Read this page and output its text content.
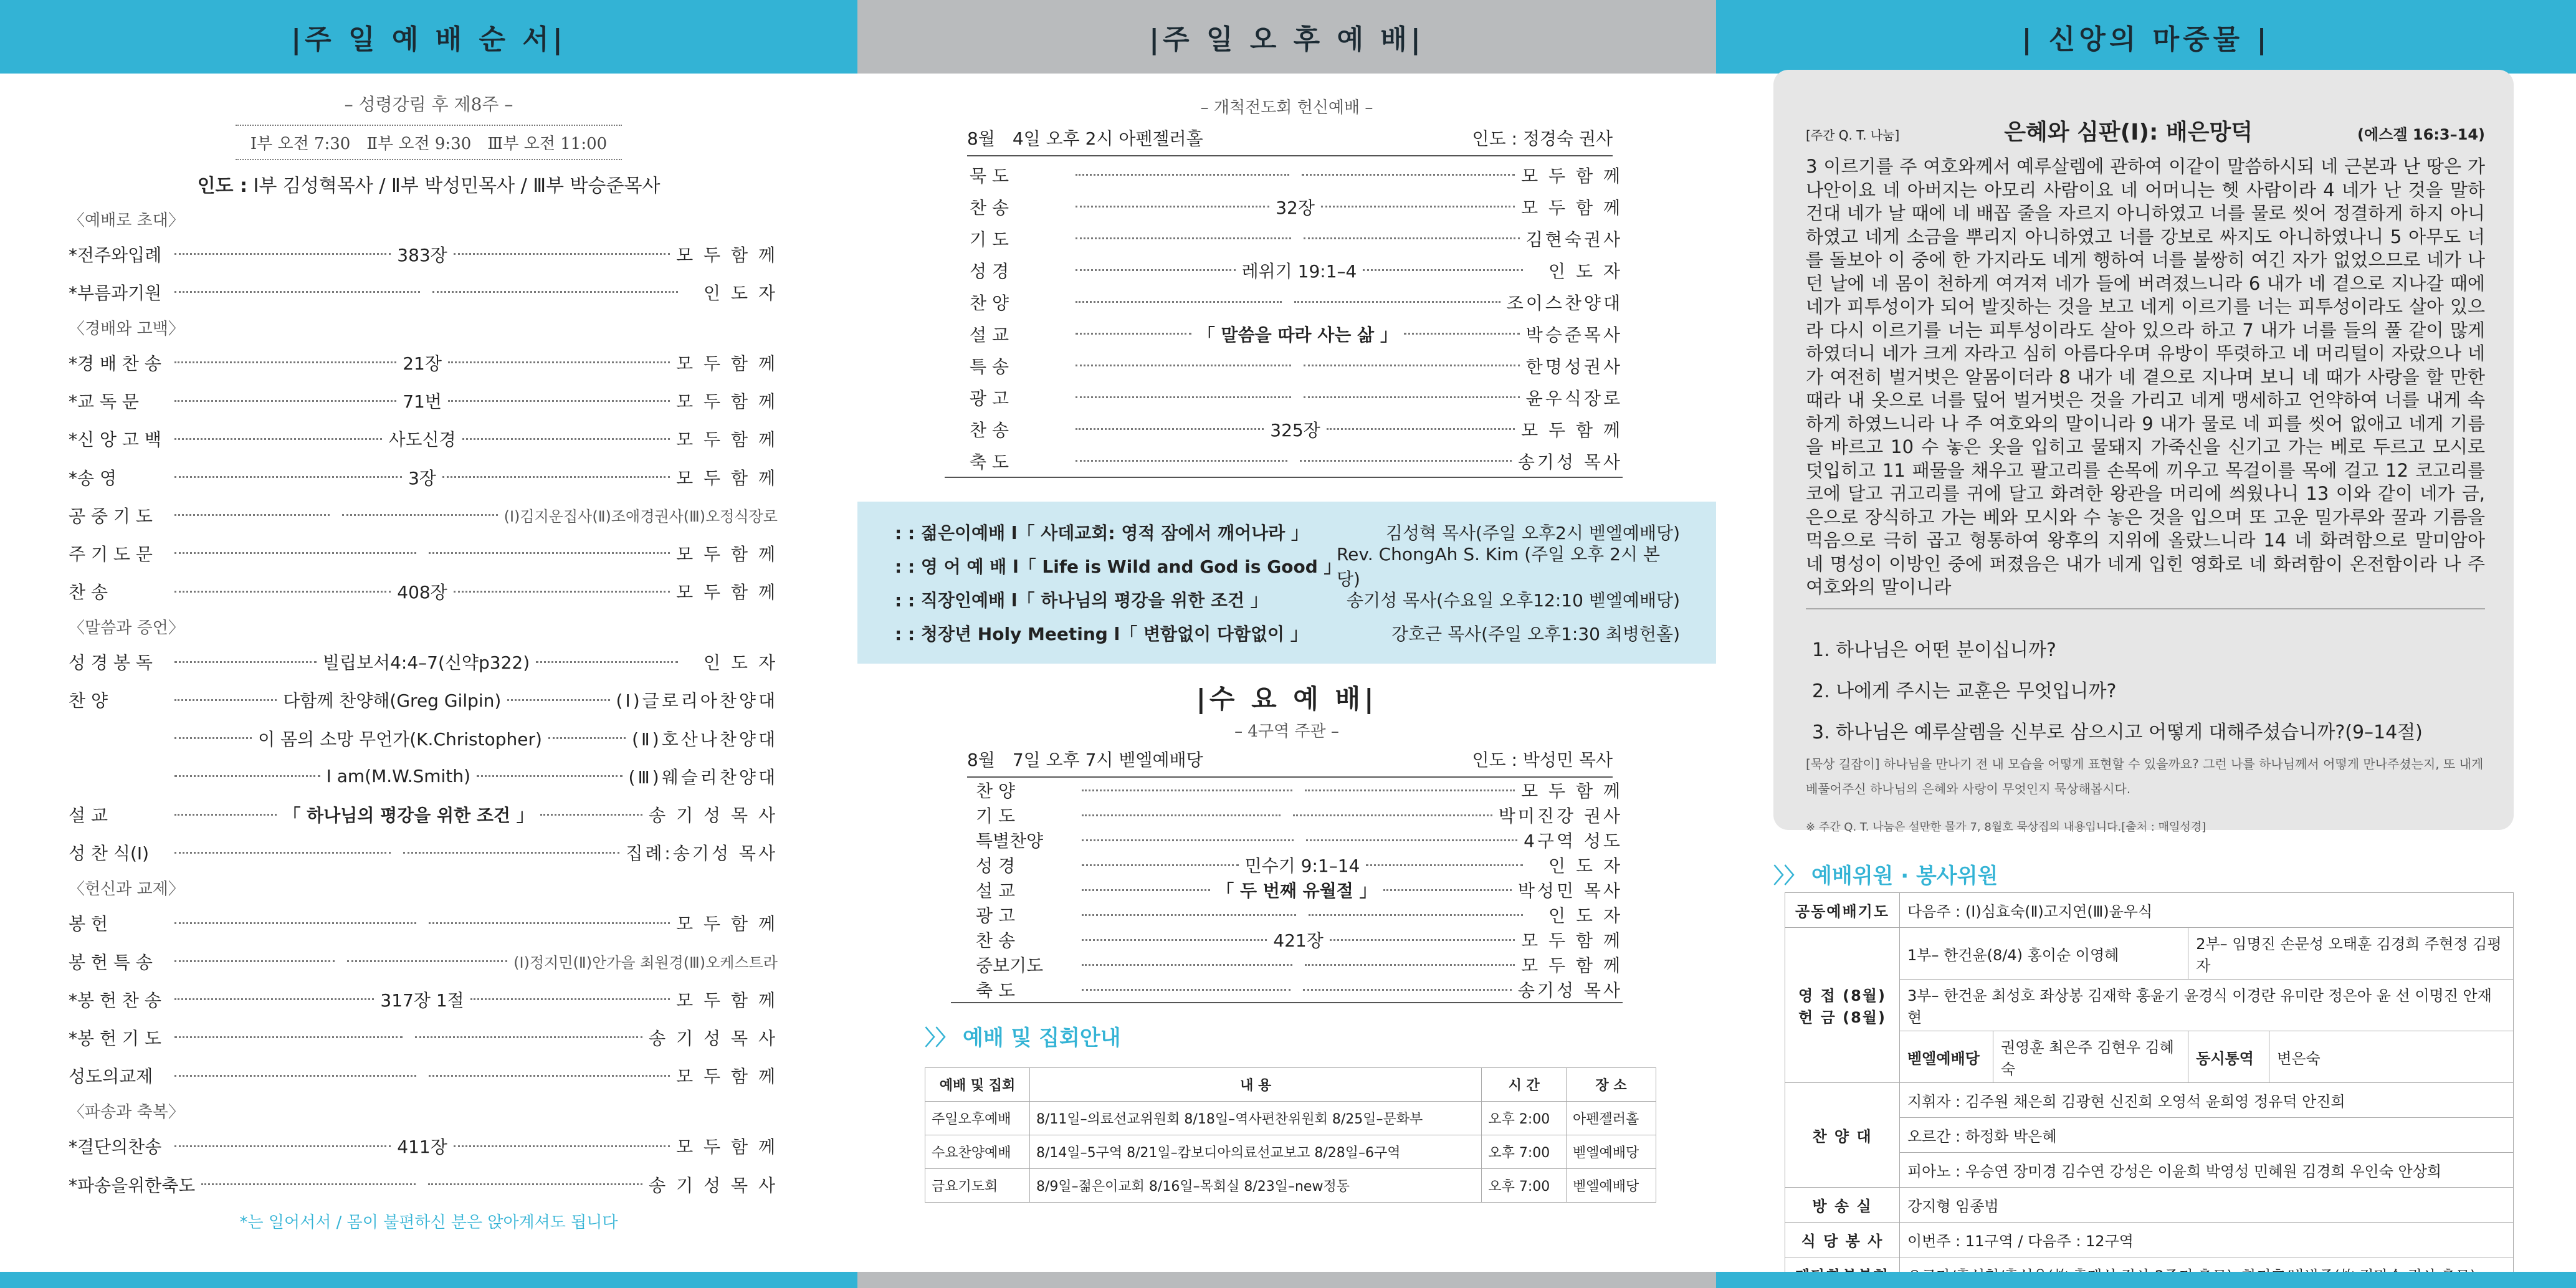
|주 일 예 배 순 서|
– 성령강림 후 제8주 –
Ⅰ부 오전 7:30　Ⅱ부 오전 9:30　Ⅲ부 오전 11:00
인도 : Ⅰ부 김성혁목사 / Ⅱ부 박성민목사 / Ⅲ부 박승준목사
〈예배로 초대〉
*전주와입례	383장	모 두 함 께
*부름과기원	인 도 자
〈경배와 고백〉
*경 배 찬 송	21장	모 두 함 께
*교 독 문	71번	모 두 함 께
*신 앙 고 백	사도신경	모 두 함 께
*송 영	3장	모 두 함 께
공 중 기 도	(Ⅰ)김지운집사(Ⅱ)조애경권사(Ⅲ)오정식장로
주 기 도 문	모 두 함 께
찬 송	408장	모 두 함 께
〈말씀과 증언〉
성 경 봉 독	빌립보서4:4–7(신약p322)	인 도 자
찬 양	다함께 찬양해(Greg Gilpin)	(Ⅰ)글로리아찬양대
이 몸의 소망 무언가(K.Christopher)	(Ⅱ)호산나찬양대
I am(M.W.Smith)	(Ⅲ)웨슬리찬양대
설 교	「 하나님의 평강을 위한 조건 」	송 기 성 목 사
성 찬 식(Ⅰ)	집례:송기성 목사
〈헌신과 교제〉
봉 헌	모 두 함 께
봉 헌 특 송	(Ⅰ)정지민(Ⅱ)안가을 최원경(Ⅲ)오케스트라
*봉 헌 찬 송	317장 1절	모 두 함 께
*봉 헌 기 도	송 기 성 목 사
성도의교제	모 두 함 께
〈파송과 축복〉
*결단의찬송	411장	모 두 함 께
*파송을위한축도	송 기 성 목 사
*는 일어서서 / 몸이 불편하신 분은 앉아계셔도 됩니다
|주 일 오 후 예 배|
– 개척전도회 헌신예배 –
8월　4일 오후 2시 아펜젤러홀	인도 : 정경숙 권사
묵 도	모 두 함 께
찬 송	32장	모 두 함 께
기 도	김현숙권사
성 경	레위기 19:1–4	인 도 자
찬 양	조이스찬양대
설 교	「 말씀을 따라 사는 삶 」	박승준목사
특 송	한명성권사
광 고	윤우식장로
찬 송	325장	모 두 함 께
축 도	송기성 목사
: : 젊은이예배 l「 사데교회: 영적 잠에서 깨어나라 」	김성혁 목사(주일 오후2시 벧엘예배당)
: : 영 어 예 배 l「 Life is Wild and God is Good 」
Rev. ChongAh S. Kim (주일 오후 2시 본당)
: : 직장인예배 l「 하나님의 평강을 위한 조건 」	송기성 목사(수요일 오후12:10 벧엘예배당)
: : 청장년 Holy Meeting l「 변함없이 다함없이 」	강호근 목사(주일 오후1:30 최병헌홀)
|수 요 예 배|
– 4구역 주관 –
8월　7일 오후 7시 벧엘예배당	인도 : 박성민 목사
찬 양	모 두 함 께
기 도	박미진강 권사
특별찬양	4구역 성도
성 경	민수기 9:1–14	인 도 자
설 교	「 두 번째 유월절 」	박성민 목사
광 고	인 도 자
찬 송	421장	모 두 함 께
중보기도	모 두 함 께
축 도	송기성 목사
〉〉 예배 및 집회안내
예배 및 집회	내 용	시 간	장 소
주일오후예배	8/11일–의료선교위원회 8/18일–역사편찬위원회 8/25일–문화부	오후 2:00	아펜젤러홀
수요찬양예배	8/14일–5구역 8/21일–캄보디아의료선교보고 8/28일–6구역	오후 7:00	벧엘예배당
금요기도회	8/9일–젊은이교회 8/16일–목회실 8/23일–new정동	오후 7:00	벧엘예배당
| 신앙의 마중물 |
[주간 Q. T. 나눔]	은혜와 심판(Ⅰ): 배은망덕	(에스겔 16:3–14)

3 이르기를 주 여호와께서 예루살렘에 관하여 이같이 말씀하시되 네 근본과 난 땅은 가나안이요 네 아버지는 아모리 사람이요 네 어머니는 헷 사람이라 4 네가 난 것을 말하건대 네가 날 때에 네 배꼽 줄을 자르지 아니하였고 너를 물로 씻어 정결하게 하지 아니하였고 네게 소금을 뿌리지 아니하였고 너를 강보로 싸지도 아니하였나니 5 아무도 너를 돌보아 이 중에 한 가지라도 네게 행하여 너를 불쌍히 여긴 자가 없었으므로 네가 나던 날에 네 몸이 천하게 여겨져 네가 들에 버려졌느니라 6 내가 네 곁으로 지나갈 때에 네가 피투성이가 되어 발짓하는 것을 보고 네게 이르기를 너는 피투성이라도 살아 있으라 다시 이르기를 너는 피투성이라도 살아 있으라 하고 7 내가 너를 들의 풀 같이 많게 하였더니 네가 크게 자라고 심히 아름다우며 유방이 뚜렷하고 네 머리털이 자랐으나 네가 여전히 벌거벗은 알몸이더라 8 내가 네 곁으로 지나며 보니 네 때가 사랑을 할 만한 때라 내 옷으로 너를 덮어 벌거벗은 것을 가리고 네게 맹세하고 언약하여 너를 내게 속하게 하였느니라 나 주 여호와의 말이니라 9 내가 물로 네 피를 씻어 없애고 네게 기름을 바르고 10 수 놓은 옷을 입히고 물돼지 가죽신을 신기고 가는 베로 두르고 모시로 덧입히고 11 패물을 채우고 팔고리를 손목에 끼우고 목걸이를 목에 걸고 12 코고리를 코에 달고 귀고리를 귀에 달고 화려한 왕관을 머리에 씌웠나니 13 이와 같이 네가 금, 은으로 장식하고 가는 베와 모시와 수 놓은 것을 입으며 또 고운 밀가루와 꿀과 기름을 먹음으로 극히 곱고 형통하여 왕후의 지위에 올랐느니라 14 네 화려함으로 말미암아 네 명성이 이방인 중에 퍼졌음은 내가 네게 입힌 영화로 네 화려함이 온전함이라 나 주 여호와의 말이니라

1. 하나님은 어떤 분이십니까?
2. 나에게 주시는 교훈은 무엇입니까?
3. 하나님은 예루살렘을 신부로 삼으시고 어떻게 대해주셨습니까?(9–14절)
[묵상 길잡이] 하나님을 만나기 전 내 모습을 어떻게 표현할 수 있을까요? 그런 나를 하나님께서 어떻게 만나주셨는지, 또 내게 베풀어주신 하나님의 은혜와 사랑이 무엇인지 묵상해봅시다.
※ 주간 Q. T. 나눔은 설만한 물가 7, 8월호 묵상집의 내용입니다.[출처 : 매일성경]
〉〉 예배위원 · 봉사위원
공동예배기도	다음주 : (Ⅰ)심효숙(Ⅱ)고지연(Ⅲ)윤우식			
영 접 (8월)
헌 금 (8월)	1부– 한건윤(8/4) 홍이순 이영혜		2부– 임명진 손문성 오태훈 김경희 주현정 김평자	
	3부– 한건윤 최성호 좌상봉 김재학 홍윤기 윤경식 이경란 유미란 정은아 윤 선 이명진 안재현			
	벧엘예배당	권영훈 최은주 김현우 김혜숙	동시통역	변은숙
찬 양 대	지휘자 : 김주원 채은희 김광현 신진희 오영석 윤희영 정유덕 안진희			
	오르간 : 하정화 박은혜			
	피아노 : 우승연 장미경 김수연 강성은 이윤희 박영성 민혜원 김경희 우인숙 안상희			
방 송 실	강지형 임종범			
식 당 봉 사	이번주 : 11구역 / 다음주 : 12구역			
